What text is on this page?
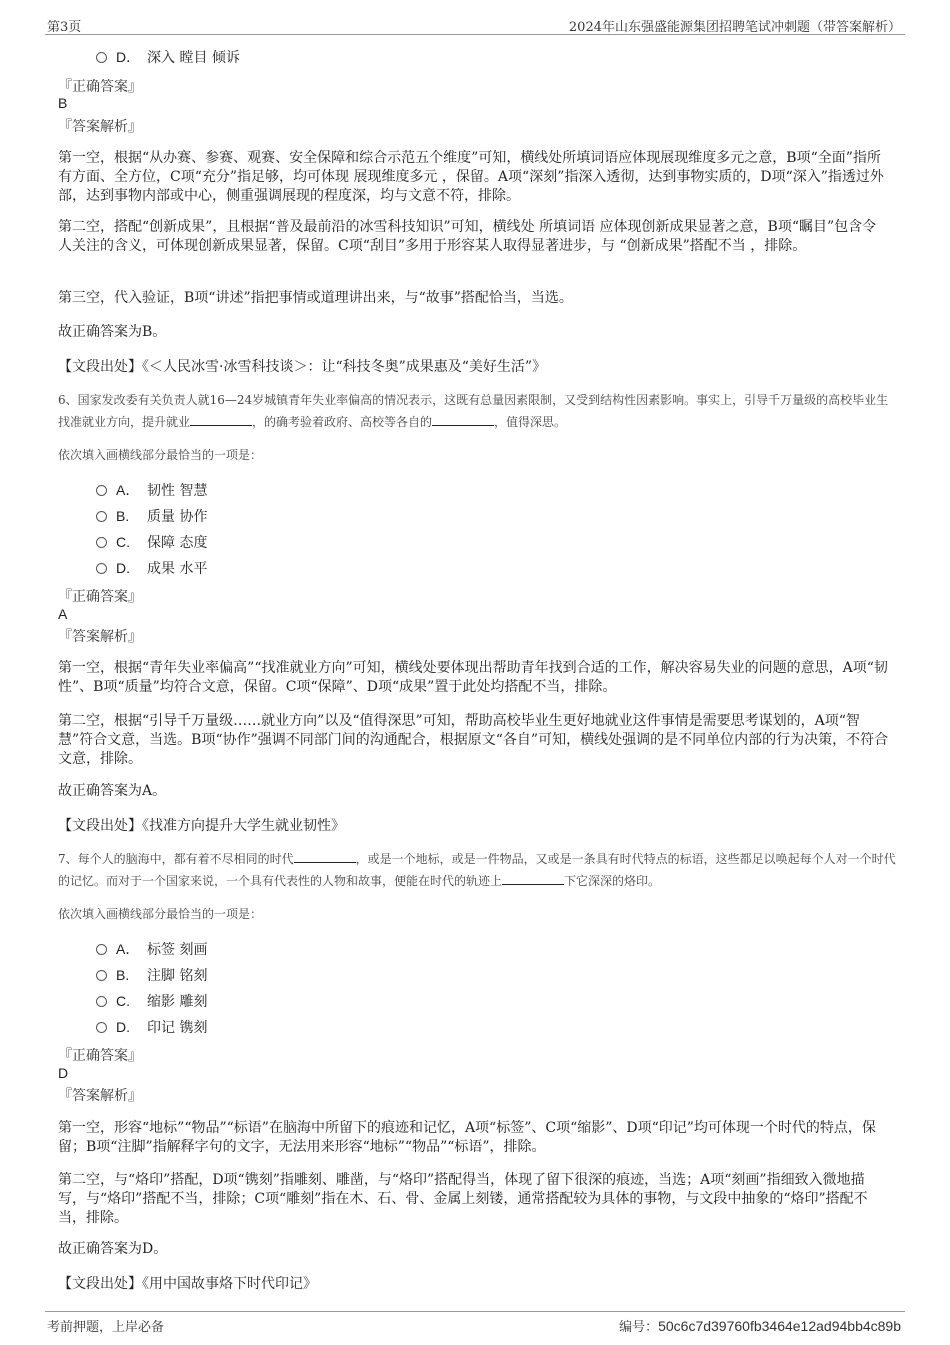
第3页	2024年山东强盛能源集团招聘笔试冲刺题（带答案解析）
D． 深入 瞠目 倾诉
『正确答案』
B
『答案解析』
第一空，根据“从办赛、参赛、观赛、安全保障和综合示范五个维度”可知，横线处所填词语应体现展现维度多元之意，B项“全面”指所有方面、全方位，C项“充分”指足够，均可体现 展现维度多元 ，保留。A项“深刻”指深入透彻，达到事物实质的，D项“深入”指透过外部，达到事物内部或中心，侧重强调展现的程度深，均与文意不符，排除。
第二空，搭配“创新成果”，且根据“普及最前沿的冰雪科技知识”可知，横线处 所填词语 应体现创新成果显著之意，B项“瞩目”包含令人关注的含义，可体现创新成果显著，保留。C项“刮目”多用于形容某人取得显著进步，与 “创新成果”搭配不当 ，排除。
第三空，代入验证，B项“讲述”指把事情或道理讲出来，与“故事”搭配恰当，当选。
故正确答案为B。
【文段出处】《＜人民冰雪·冰雪科技谈＞：让“科技冬奥”成果惠及“美好生活”》
6、国家发改委有关负责人就16—24岁城镇青年失业率偏高的情况表示，这既有总量因素限制，又受到结构性因素影响。事实上，引导千万量级的高校毕业生找准就业方向，提升就业	，的确考验着政府、高校等各自的	，值得深思。
依次填入画横线部分最恰当的一项是：
A． 韧性 智慧
B. 质量 协作
C. 保障 态度
D. 成果 水平
『正确答案』
A
『答案解析』
第一空，根据“青年失业率偏高”“找准就业方向”可知，横线处要体现出帮助青年找到合适的工作，解决容易失业的问题的意思，A项“韧性”、B项“质量”均符合文意，保留。C项“保障”、D项“成果”置于此处均搭配不当，排除。
第二空，根据“引导千万量级……就业方向”以及“值得深思”可知，帮助高校毕业生更好地就业这件事情是需要思考谋划的，A项“智慧”符合文意，当选。B项“协作”强调不同部门间的沟通配合，根据原文“各自”可知，横线处强调的是不同单位内部的行为决策，不符合文意，排除。
故正确答案为A。
【文段出处】《找准方向提升大学生就业韧性》
7、每个人的脑海中，都有着不尽相同的时代	，或是一个地标，或是一件物品，又或是一条具有时代特点的标语，这些都足以唤起每个人对一个时代的记忆。而对于一个国家来说，一个具有代表性的人物和故事，便能在时代的轨迹上	下它深深的烙印。
依次填入画横线部分最恰当的一项是：
A． 标签 刻画
B. 注脚 铭刻
C. 缩影 雕刻
D. 印记 镌刻
『正确答案』
D
『答案解析』
第一空，形容“地标”“物品”“标语”在脑海中所留下的痕迹和记忆，A项“标签”、C项“缩影”、D项“印记”均可体现一个时代的特点，保留；B项“注脚”指解释字句的文字，无法用来形容“地标”“物品”“标语”，排除。
第二空，与“烙印”搭配，D项“镌刻”指雕刻、雕凿，与“烙印”搭配得当，体现了留下很深的痕迹，当选；A项“刻画”指细致入微地描写，与“烙印”搭配不当，排除；C项“雕刻”指在木、石、骨、金属上刻镂，通常搭配较为具体的事物，与文段中抽象的“烙印”搭配不当，排除。
故正确答案为D。
【文段出处】《用中国故事烙下时代印记》
考前押题，上岸必备	编号：50c6c7d39760fb3464e12ad94bb4c89b
